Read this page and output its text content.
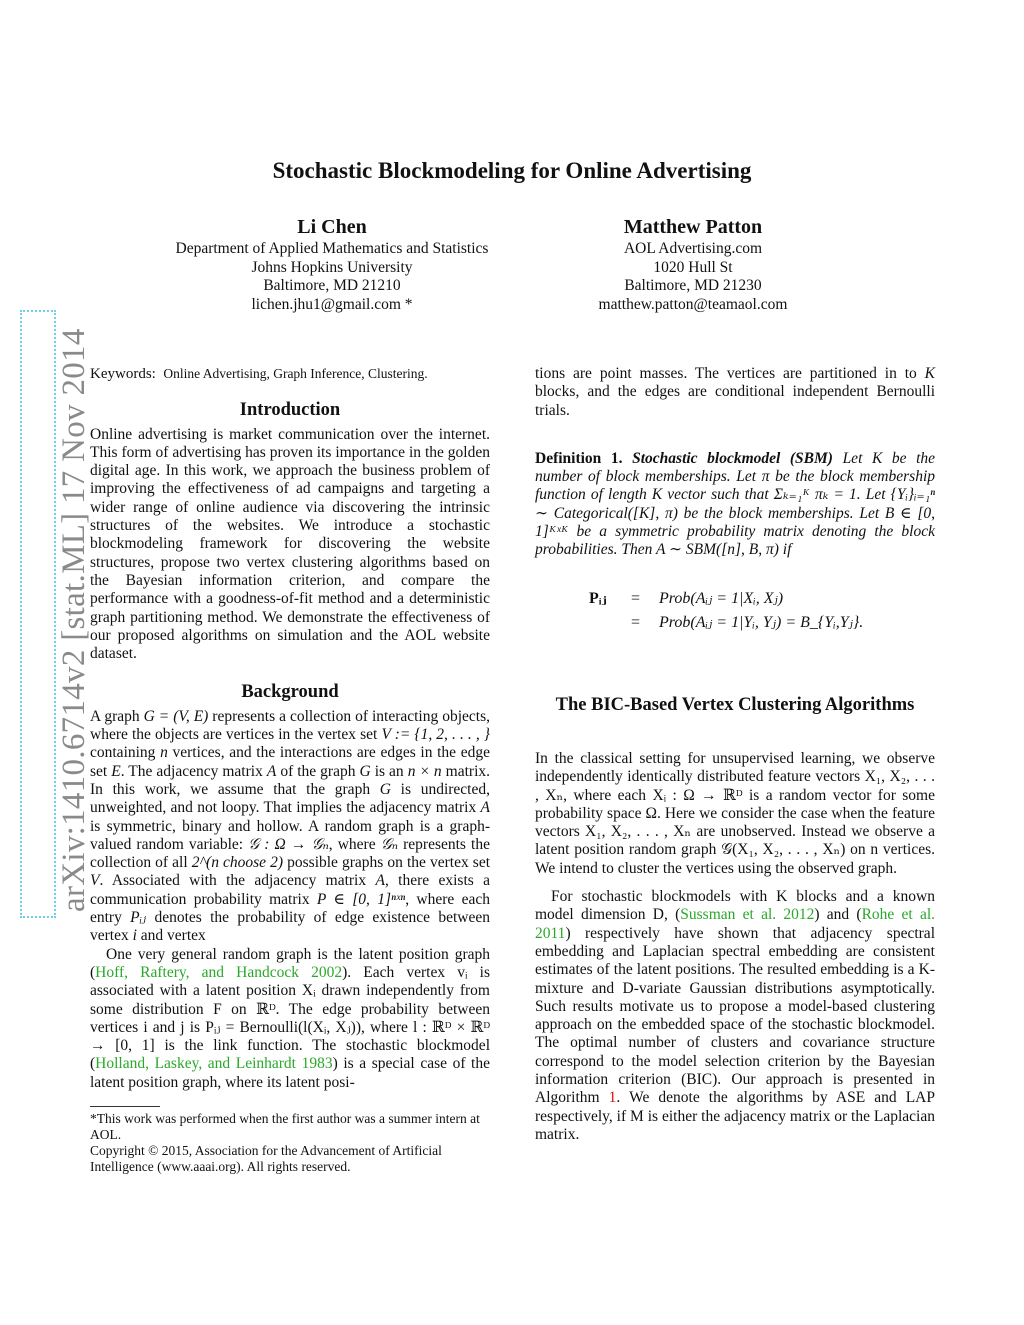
arXiv:1410.6714v2 [stat.ML] 17 Nov 2014
Stochastic Blockmodeling for Online Advertising
Li Chen
Department of Applied Mathematics and Statistics
Johns Hopkins University
Baltimore, MD 21210
lichen.jhu1@gmail.com *
Matthew Patton
AOL Advertising.com
1020 Hull St
Baltimore, MD 21230
matthew.patton@teamaol.com
Keywords: Online Advertising, Graph Inference, Clustering.
Introduction

Online advertising is market communication over the internet. This form of advertising has proven its importance in the golden digital age. In this work, we approach the business problem of improving the effectiveness of ad campaigns and targeting a wider range of online audience via discovering the intrinsic structures of the websites. We introduce a stochastic blockmodeling framework for discovering the website structures, propose two vertex clustering algorithms based on the Bayesian information criterion, and compare the performance with a goodness-of-fit method and a deterministic graph partitioning method. We demonstrate the effectiveness of our proposed algorithms on simulation and the AOL website dataset.

Background

A graph G = (V, E) represents a collection of interacting objects, where the objects are vertices in the vertex set V := {1, 2, . . . , } containing n vertices, and the interactions are edges in the edge set E. The adjacency matrix A of the graph G is an n × n matrix. In this work, we assume that the graph G is undirected, unweighted, and not loopy. That implies the adjacency matrix A is symmetric, binary and hollow. A random graph is a graph-valued random variable: 𝒢 : Ω → 𝒢ₙ, where 𝒢ₙ represents the collection of all 2^(n choose 2) possible graphs on the vertex set V. Associated with the adjacency matrix A, there exists a communication probability matrix P ∈ [0, 1]ⁿˣⁿ, where each entry Pᵢⱼ denotes the probability of edge existence between vertex i and vertex

One very general random graph is the latent position graph (Hoff, Raftery, and Handcock 2002). Each vertex vᵢ is associated with a latent position Xᵢ drawn independently from some distribution F on ℝᴰ. The edge probability between vertices i and j is Pᵢⱼ = Bernoulli(l(Xᵢ, Xⱼ)), where l : ℝᴰ × ℝᴰ → [0, 1] is the link function. The stochastic blockmodel (Holland, Laskey, and Leinhardt 1983) is a special case of the latent position graph, where its latent posi-

*This work was performed when the first author was a summer intern at AOL.
Copyright © 2015, Association for the Advancement of Artificial Intelligence (www.aaai.org). All rights reserved.

tions are point masses. The vertices are partitioned in to K blocks, and the edges are conditional independent Bernoulli trials.

Definition 1. Stochastic blockmodel (SBM) Let K be the number of block memberships. Let π be the block membership function of length K vector such that Σₖ₌₁ᴷ πₖ = 1. Let {Yᵢ}ᵢ₌₁ⁿ ∼ Categorical([K], π) be the block memberships. Let B ∈ [0, 1]ᴷˣᴷ be a symmetric probability matrix denoting the block probabilities. Then A ∼ SBM([n], B, π) if

Pᵢⱼ = Prob(Aᵢⱼ = 1|Xᵢ, Xⱼ)
= Prob(Aᵢⱼ = 1|Yᵢ, Yⱼ) = B_{Yᵢ,Yⱼ}.
The BIC-Based Vertex Clustering Algorithms

In the classical setting for unsupervised learning, we observe independently identically distributed feature vectors X₁, X₂, . . . , Xₙ, where each Xᵢ : Ω → ℝᴰ is a random vector for some probability space Ω. Here we consider the case when the feature vectors X₁, X₂, . . . , Xₙ are unobserved. Instead we observe a latent position random graph 𝒢(X₁, X₂, . . . , Xₙ) on n vertices. We intend to cluster the vertices using the observed graph.

For stochastic blockmodels with K blocks and a known model dimension D, (Sussman et al. 2012) and (Rohe et al. 2011) respectively have shown that adjacency spectral embedding and Laplacian spectral embedding are consistent estimates of the latent positions. The resulted embedding is a K-mixture and D-variate Gaussian distributions asymptotically. Such results motivate us to propose a model-based clustering approach on the embedded space of the stochastic blockmodel. The optimal number of clusters and covariance structure correspond to the model selection criterion by the Bayesian information criterion (BIC). Our approach is presented in Algorithm 1. We denote the algorithms by ASE and LAP respectively, if M is either the adjacency matrix or the Laplacian matrix.
